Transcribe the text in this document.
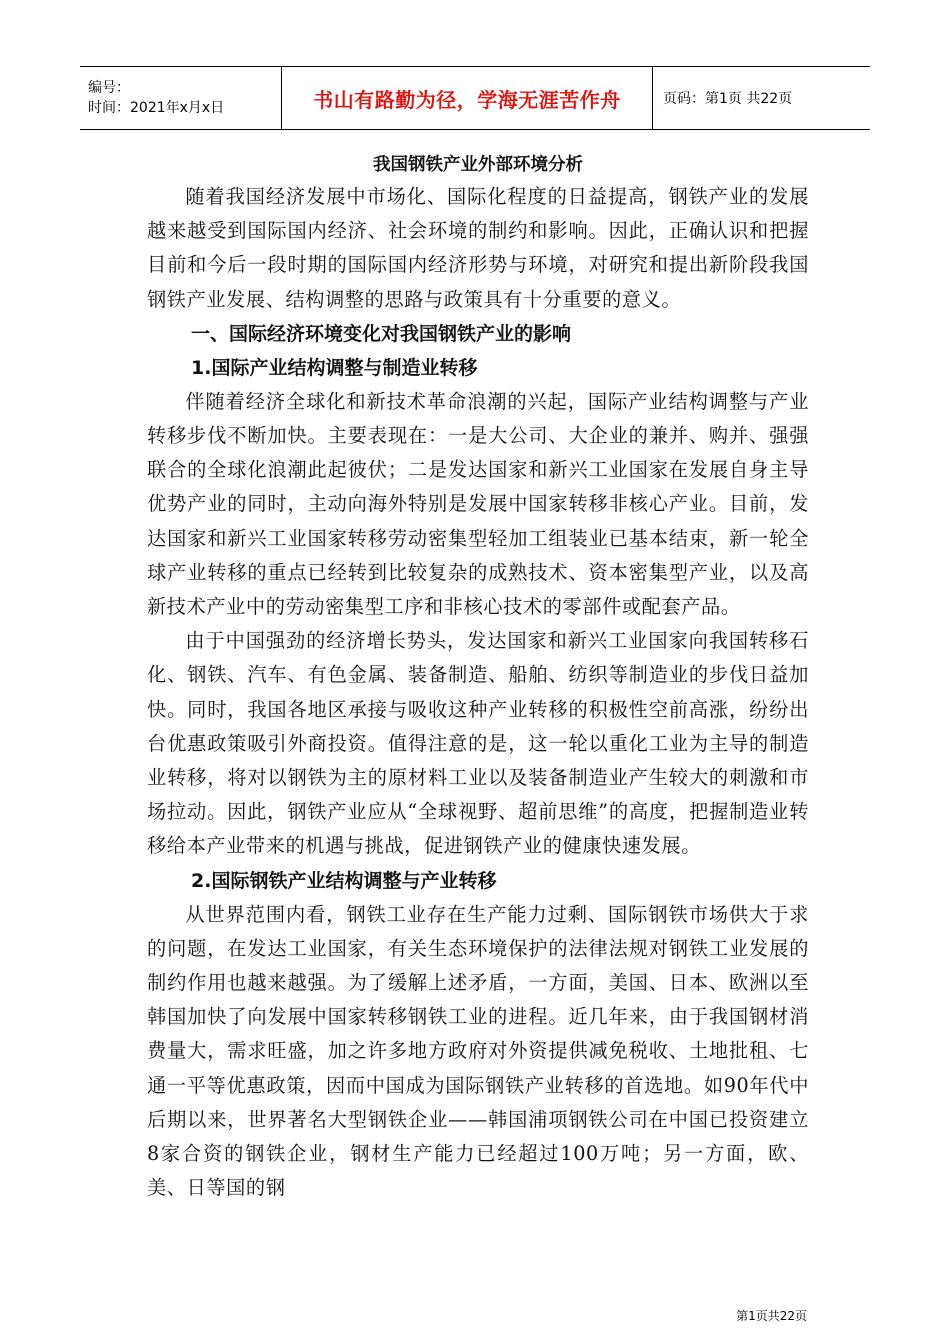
编号：
时间：2021年x月x日	书山有路勤为径，学海无涯苦作舟	页码：第1页 共22页

我国钢铁产业外部环境分析

随着我国经济发展中市场化、国际化程度的日益提高，钢铁产业的发展越来越受到国际国内经济、社会环境的制约和影响。因此，正确认识和把握目前和今后一段时期的国际国内经济形势与环境，对研究和提出新阶段我国钢铁产业发展、结构调整的思路与政策具有十分重要的意义。

一、国际经济环境变化对我国钢铁产业的影响

1.国际产业结构调整与制造业转移

伴随着经济全球化和新技术革命浪潮的兴起，国际产业结构调整与产业转移步伐不断加快。主要表现在：一是大公司、大企业的兼并、购并、强强联合的全球化浪潮此起彼伏；二是发达国家和新兴工业国家在发展自身主导优势产业的同时，主动向海外特别是发展中国家转移非核心产业。目前，发达国家和新兴工业国家转移劳动密集型轻加工组装业已基本结束，新一轮全球产业转移的重点已经转到比较复杂的成熟技术、资本密集型产业，以及高新技术产业中的劳动密集型工序和非核心技术的零部件或配套产品。

由于中国强劲的经济增长势头，发达国家和新兴工业国家向我国转移石化、钢铁、汽车、有色金属、装备制造、船舶、纺织等制造业的步伐日益加快。同时，我国各地区承接与吸收这种产业转移的积极性空前高涨，纷纷出台优惠政策吸引外商投资。值得注意的是，这一轮以重化工业为主导的制造业转移，将对以钢铁为主的原材料工业以及装备制造业产生较大的刺激和市场拉动。因此，钢铁产业应从“全球视野、超前思维”的高度，把握制造业转移给本产业带来的机遇与挑战，促进钢铁产业的健康快速发展。

2.国际钢铁产业结构调整与产业转移

从世界范围内看，钢铁工业存在生产能力过剩、国际钢铁市场供大于求的问题，在发达工业国家，有关生态环境保护的法律法规对钢铁工业发展的制约作用也越来越强。为了缓解上述矛盾，一方面，美国、日本、欧洲以至韩国加快了向发展中国家转移钢铁工业的进程。近几年来，由于我国钢材消费量大，需求旺盛，加之许多地方政府对外资提供减免税收、土地批租、七通一平等优惠政策，因而中国成为国际钢铁产业转移的首选地。如90年代中后期以来，世界著名大型钢铁企业——韩国浦项钢铁公司在中国已投资建立8家合资的钢铁企业，钢材生产能力已经超过100万吨；另一方面，欧、美、日等国的钢

第1页共22页
